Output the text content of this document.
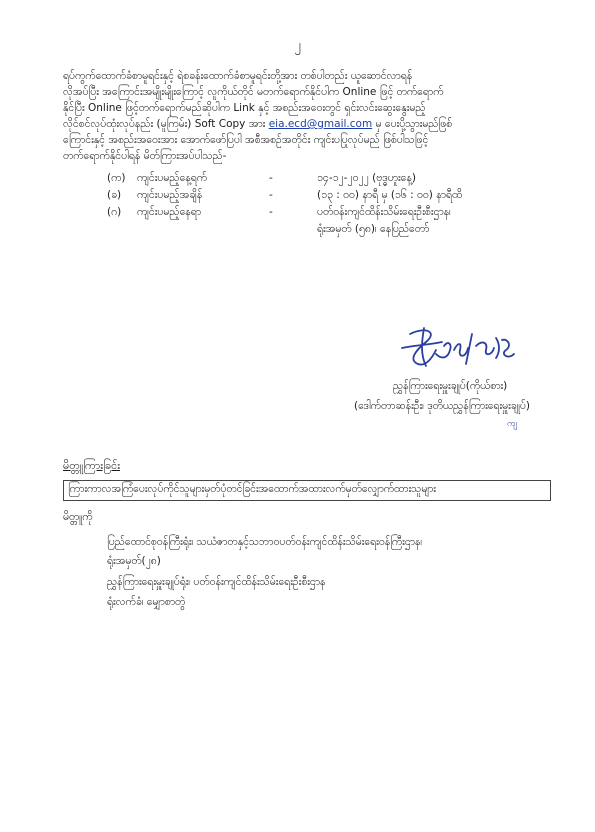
၂
ရပ်ကွက်ထောက်ခံစာမူရင်းနှင့် ရဲစခန်းထောက်ခံစာမူရင်းတို့အား တစ်ပါတည်း ယူဆောင်လာရန်
လိုအပ်ပြီး အကြောင်းအမျိုးမျိုးကြောင့် လူကိုယ်တိုင် မတက်ရောက်နိုင်ပါက Online ဖြင့် တက်ရောက်
နိုင်ပြီး Online ဖြင့်တက်ရောက်မည်ဆိုပါက Link နှင့် အစည်းအဝေးတွင် ရှင်းလင်းဆွေးနွေးမည့်
လိုင်စင်လုပ်ထုံးလုပ်နည်း (မူကြမ်း) Soft Copy အား eia.ecd@gmail.com မှ ပေးပို့သွားမည်ဖြစ်
ကြောင်းနှင့် အစည်းအဝေးအား အောက်ဖော်ပြပါ အစီအစဉ်အတိုင်း ကျင်းပပြုလုပ်မည် ဖြစ်ပါသဖြင့်
တက်ရောက်နိုင်ပါရန် မိတ်ကြားအပ်ပါသည်-
(က) ကျင်းပမည့်နေ့ရက်	-	၁၄-၁၂-၂၀၂၂ (ဗုဒ္ဓဟူးနေ့)
(ခ) ကျင်းပမည့်အချိန်	-	(၁၃ : ၀၀) နာရီ မှ (၁၆ : ၀၀) နာရီထိ
(ဂ) ကျင်းပမည့်နေရာ	-	ပတ်ဝန်းကျင်ထိန်းသိမ်းရေးဦးစီးဌာန၊
ရုံးအမှတ် (၅၈)၊ နေပြည်တော်
ညွှန်ကြားရေးမှူးချုပ်(ကိုယ်စား)
(ဒေါက်တာဆန်းဦး၊ ဒုတိယညွှန်ကြားရေးမှူးချုပ်)
ကျ
မိတ္တူကြားခြင်း
ကြားကာလအကြံပေးလုပ်ကိုင်သူများမှတ်ပုံတင်ခြင်းအထောက်အထားလက်မှတ်လျှောက်ထားသူများ
မိတ္တူကို
ပြည်ထောင်စုဝန်ကြီးရုံး၊ သယံဇာတနှင့်သဘာဝပတ်ဝန်းကျင်ထိန်းသိမ်းရေးဝန်ကြီးဌာန၊
ရုံးအမှတ်(၂၈)
ညွှန်ကြားရေးမှူးချုပ်ရုံး၊ ပတ်ဝန်းကျင်ထိန်းသိမ်းရေးဦးစီးဌာန
ရုံးလက်ခံ၊ မျှောစာတွဲ
